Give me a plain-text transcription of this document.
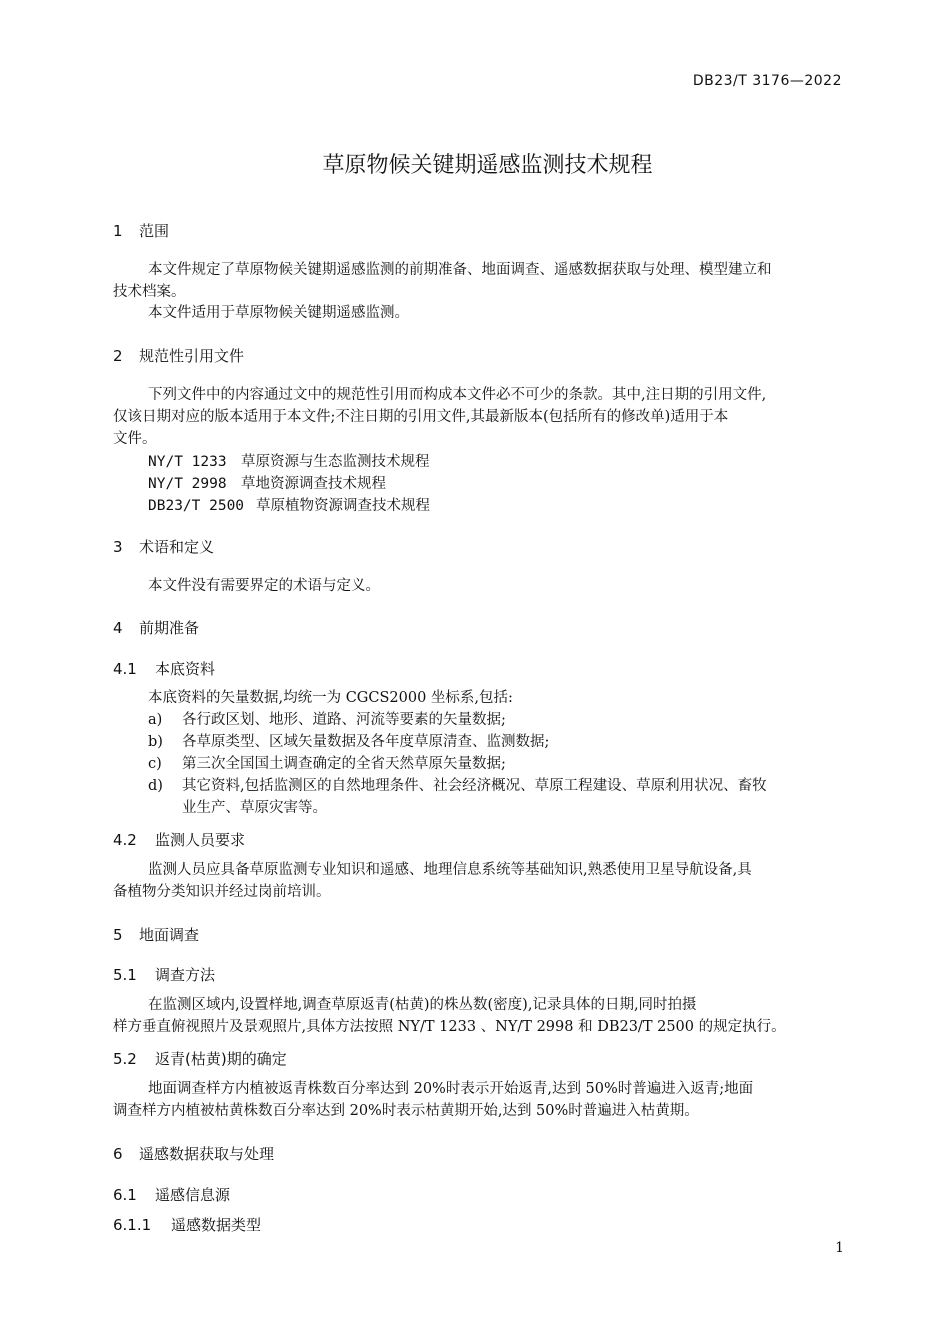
DB23/T 3176—2022
草原物候关键期遥感监测技术规程
1 范围
本文件规定了草原物候关键期遥感监测的前期准备、地面调查、遥感数据获取与处理、模型建立和
技术档案。
本文件适用于草原物候关键期遥感监测。
2 规范性引用文件
下列文件中的内容通过文中的规范性引用而构成本文件必不可少的条款。其中,注日期的引用文件,
仅该日期对应的版本适用于本文件;不注日期的引用文件,其最新版本(包括所有的修改单)适用于本
文件。
NY/T 1233 草原资源与生态监测技术规程
NY/T 2998 草地资源调查技术规程
DB23/T 2500 草原植物资源调查技术规程
3 术语和定义
本文件没有需要界定的术语与定义。
4 前期准备
4.1 本底资料
本底资料的矢量数据,均统一为 CGCS2000 坐标系,包括:
a) 各行政区划、地形、道路、河流等要素的矢量数据;
b) 各草原类型、区域矢量数据及各年度草原清查、监测数据;
c) 第三次全国国土调查确定的全省天然草原矢量数据;
d) 其它资料,包括监测区的自然地理条件、社会经济概况、草原工程建设、草原利用状况、畜牧
业生产、草原灾害等。
4.2 监测人员要求
监测人员应具备草原监测专业知识和遥感、地理信息系统等基础知识,熟悉使用卫星导航设备,具
备植物分类知识并经过岗前培训。
5 地面调查
5.1 调查方法
在监测区域内,设置样地,调查草原返青(枯黄)的株丛数(密度),记录具体的日期,同时拍摄
样方垂直俯视照片及景观照片,具体方法按照 NY/T 1233 、NY/T 2998 和 DB23/T 2500 的规定执行。
5.2 返青(枯黄)期的确定
地面调查样方内植被返青株数百分率达到 20%时表示开始返青,达到 50%时普遍进入返青;地面
调查样方内植被枯黄株数百分率达到 20%时表示枯黄期开始,达到 50%时普遍进入枯黄期。
6 遥感数据获取与处理
6.1 遥感信息源
6.1.1 遥感数据类型
1
